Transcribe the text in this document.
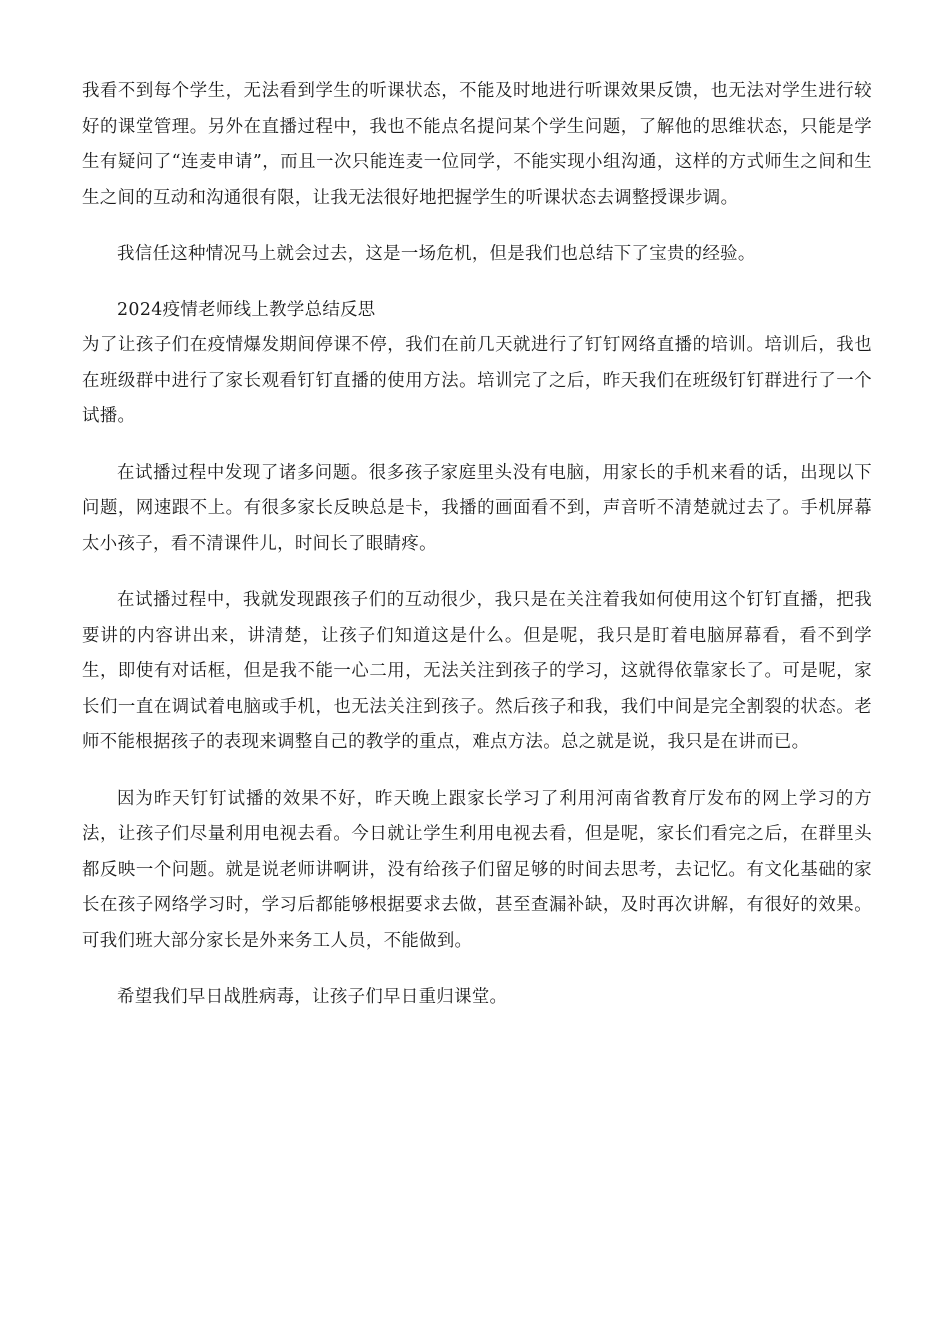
我看不到每个学生，无法看到学生的听课状态，不能及时地进行听课效果反馈，也无法对学生进行较好的课堂管理。另外在直播过程中，我也不能点名提问某个学生问题，了解他的思维状态，只能是学生有疑问了“连麦申请”，而且一次只能连麦一位同学，不能实现小组沟通，这样的方式师生之间和生生之间的互动和沟通很有限，让我无法很好地把握学生的听课状态去调整授课步调。

我信任这种情况马上就会过去，这是一场危机，但是我们也总结下了宝贵的经验。

2024疫情老师线上教学总结反思

为了让孩子们在疫情爆发期间停课不停，我们在前几天就进行了钉钉网络直播的培训。培训后，我也在班级群中进行了家长观看钉钉直播的使用方法。培训完了之后，昨天我们在班级钉钉群进行了一个试播。

在试播过程中发现了诸多问题。很多孩子家庭里头没有电脑，用家长的手机来看的话，出现以下问题，网速跟不上。有很多家长反映总是卡，我播的画面看不到，声音听不清楚就过去了。手机屏幕太小孩子，看不清课件儿，时间长了眼睛疼。

在试播过程中，我就发现跟孩子们的互动很少，我只是在关注着我如何使用这个钉钉直播，把我要讲的内容讲出来，讲清楚，让孩子们知道这是什么。但是呢，我只是盯着电脑屏幕看，看不到学生，即使有对话框，但是我不能一心二用，无法关注到孩子的学习，这就得依靠家长了。可是呢，家长们一直在调试着电脑或手机，也无法关注到孩子。然后孩子和我，我们中间是完全割裂的状态。老师不能根据孩子的表现来调整自己的教学的重点，难点方法。总之就是说，我只是在讲而已。

因为昨天钉钉试播的效果不好，昨天晚上跟家长学习了利用河南省教育厅发布的网上学习的方法，让孩子们尽量利用电视去看。今日就让学生利用电视去看，但是呢，家长们看完之后，在群里头都反映一个问题。就是说老师讲啊讲，没有给孩子们留足够的时间去思考，去记忆。有文化基础的家长在孩子网络学习时，学习后都能够根据要求去做，甚至查漏补缺，及时再次讲解，有很好的效果。可我们班大部分家长是外来务工人员，不能做到。

希望我们早日战胜病毒，让孩子们早日重归课堂。
